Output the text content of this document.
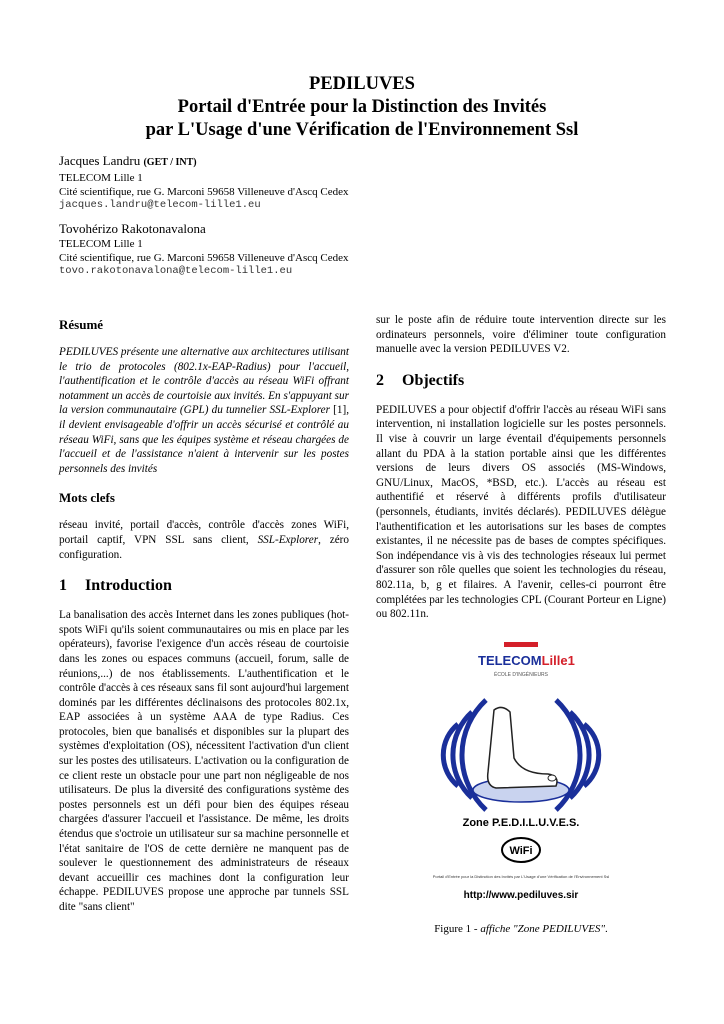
PEDILUVES
Portail d'Entrée pour la Distinction des Invités
par L'Usage d'une Vérification de l'Environnement Ssl
Jacques Landru (GET / INT)
TELECOM Lille 1
Cité scientifique, rue G. Marconi 59658 Villeneuve d'Ascq Cedex
jacques.landru@telecom-lille1.eu
Tovohérizo Rakotonavalona
TELECOM Lille 1
Cité scientifique, rue G. Marconi 59658 Villeneuve d'Ascq Cedex
tovo.rakotonavalona@telecom-lille1.eu
Résumé
PEDILUVES présente une alternative aux architectures utilisant le trio de protocoles (802.1x-EAP-Radius) pour l'accueil, l'authentification et le contrôle d'accès au réseau WiFi offrant notamment un accès de courtoisie aux invités. En s'appuyant sur la version communautaire (GPL) du tunnelier SSL-Explorer [1], il devient envisageable d'offrir un accès sécurisé et contrôlé au réseau WiFi, sans que les équipes système et réseau chargées de l'accueil et de l'assistance n'aient à intervenir sur les postes personnels des invités
Mots clefs
réseau invité, portail d'accès, contrôle d'accès zones WiFi, portail captif, VPN SSL sans client, SSL-Explorer, zéro configuration.
1 Introduction
La banalisation des accès Internet dans les zones publiques (hot-spots WiFi qu'ils soient communautaires ou mis en place par les opérateurs), favorise l'exigence d'un accès réseau de courtoisie dans les zones ou espaces communs (accueil, forum, salle de réunions,...) de nos établissements. L'authentification et le contrôle d'accès à ces réseaux sans fil sont aujourd'hui largement dominés par les différentes déclinaisons des protocoles 802.1x, EAP associées à un système AAA de type Radius. Ces protocoles, bien que banalisés et disponibles sur la plupart des systèmes d'exploitation (OS), nécessitent l'activation d'un client sur les postes des utilisateurs. L'activation ou la configuration de ce client reste un obstacle pour une part non négligeable de nos utilisateurs. De plus la diversité des configurations système des postes personnels est un défi pour bien des équipes réseau chargées d'assurer l'accueil et l'assistance. De même, les droits étendus que s'octroie un utilisateur sur sa machine personnelle et l'état sanitaire de l'OS de cette dernière ne manquent pas de soulever le questionnement des administrateurs de réseaux devant accueillir ces machines dont la configuration leur échappe. PEDILUVES propose une approche par tunnels SSL dite "sans client"
sur le poste afin de réduire toute intervention directe sur les ordinateurs personnels, voire d'éliminer toute configuration manuelle avec la version PEDILUVES V2.
2 Objectifs
PEDILUVES a pour objectif d'offrir l'accès au réseau WiFi sans intervention, ni installation logicielle sur les postes personnels. Il vise à couvrir un large éventail d'équipements personnels allant du PDA à la station portable ainsi que les différentes versions de leurs divers OS associés (MS-Windows, GNU/Linux, MacOS, *BSD, etc.). L'accès au réseau est authentifié et réservé à différents profils d'utilisateur (personnels, étudiants, invités déclarés). PEDILUVES délègue l'authentification et les autorisations sur les bases de comptes existantes, il ne nécessite pas de bases de comptes spécifiques. Son indépendance vis à vis des technologies réseaux lui permet d'assurer son rôle quelles que soient les technologies du réseau, 802.11a, b, g et filaires. A l'avenir, celles-ci pourront être complétées par les technologies CPL (Courant Porteur en Ligne) ou 802.11n.
TELECOMLille1
ÉCOLE D'INGÉNIEURS
Zone P.E.D.I.L.U.V.E.S.
WiFi
Portail d'Entrée pour la Distinction des Invités par L'Usage d'une Vérification de l'Environnement Ssl
http://www.pediluves.sir
Figure 1 - affiche "Zone PEDILUVES".
